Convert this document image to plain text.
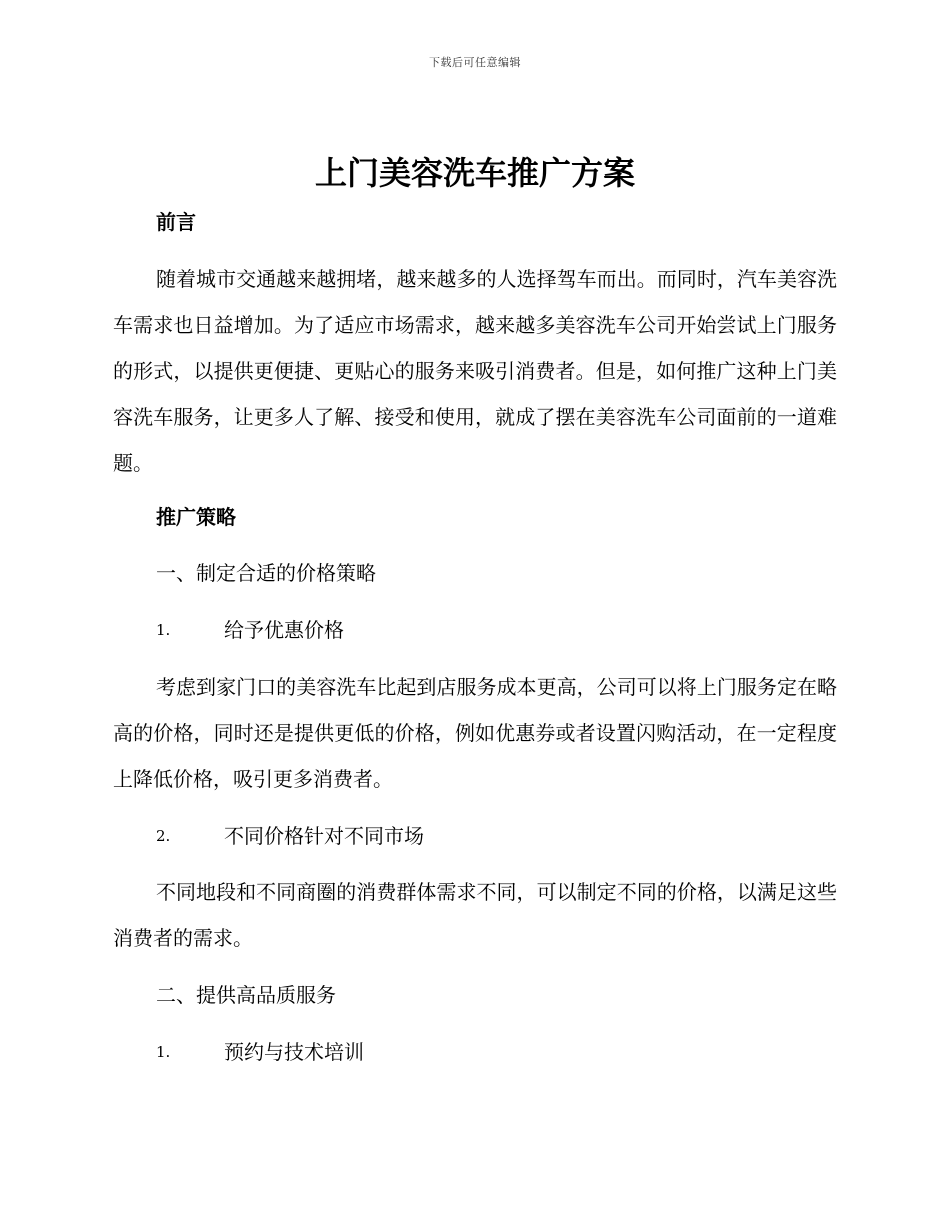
下载后可任意编辑
上门美容洗车推广方案
前言

随着城市交通越来越拥堵，越来越多的人选择驾车而出。而同时，汽车美容洗车需求也日益增加。为了适应市场需求，越来越多美容洗车公司开始尝试上门服务的形式，以提供更便捷、更贴心的服务来吸引消费者。但是，如何推广这种上门美容洗车服务，让更多人了解、接受和使用，就成了摆在美容洗车公司面前的一道难题。

推广策略
一、制定合适的价格策略
1.	给予优惠价格

考虑到家门口的美容洗车比起到店服务成本更高，公司可以将上门服务定在略高的价格，同时还是提供更低的价格，例如优惠券或者设置闪购活动，在一定程度上降低价格，吸引更多消费者。

2.	不同价格针对不同市场

不同地段和不同商圈的消费群体需求不同，可以制定不同的价格，以满足这些消费者的需求。

二、提供高品质服务
1.	预约与技术培训
